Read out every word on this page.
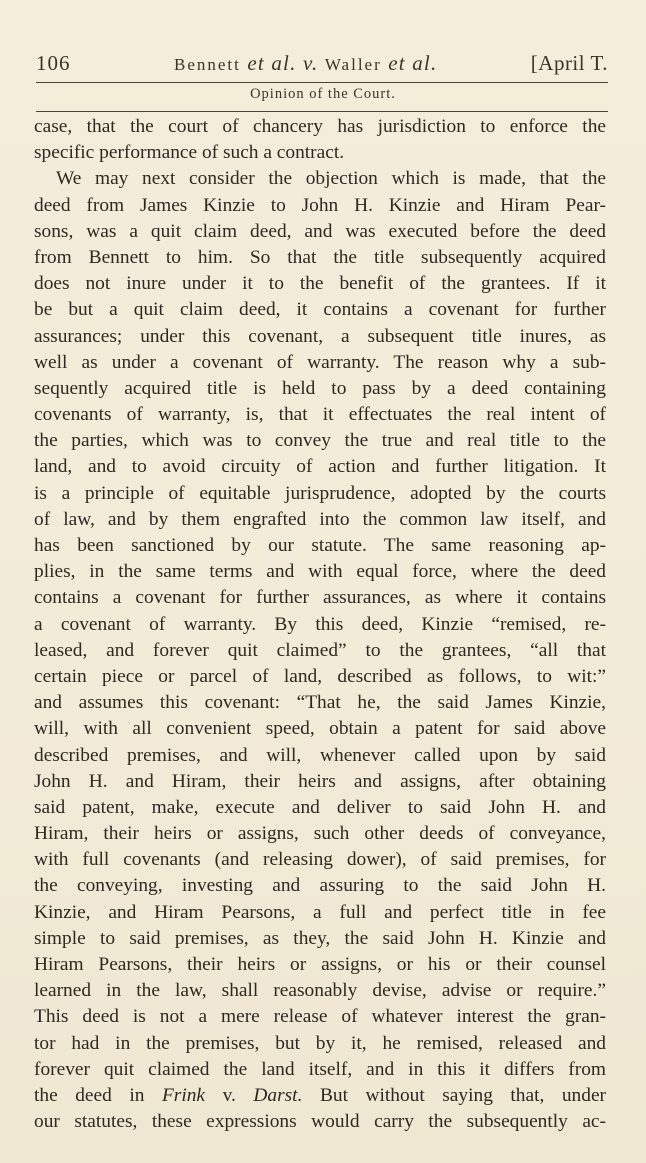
106	Bennett et al. v. Waller et al.	[April T.
Opinion of the Court.
case, that the court of chancery has jurisdiction to enforce the
specific performance of such a contract.
We may next consider the objection which is made, that the
deed from James Kinzie to John H. Kinzie and Hiram Pear-
sons, was a quit claim deed, and was executed before the deed
from Bennett to him. So that the title subsequently acquired
does not inure under it to the benefit of the grantees. If it
be but a quit claim deed, it contains a covenant for further
assurances; under this covenant, a subsequent title inures, as
well as under a covenant of warranty. The reason why a sub-
sequently acquired title is held to pass by a deed containing
covenants of warranty, is, that it effectuates the real intent of
the parties, which was to convey the true and real title to the
land, and to avoid circuity of action and further litigation. It
is a principle of equitable jurisprudence, adopted by the courts
of law, and by them engrafted into the common law itself, and
has been sanctioned by our statute. The same reasoning ap-
plies, in the same terms and with equal force, where the deed
contains a covenant for further assurances, as where it contains
a covenant of warranty. By this deed, Kinzie “remised, re-
leased, and forever quit claimed” to the grantees, “all that
certain piece or parcel of land, described as follows, to wit:”
and assumes this covenant: “That he, the said James Kinzie,
will, with all convenient speed, obtain a patent for said above
described premises, and will, whenever called upon by said
John H. and Hiram, their heirs and assigns, after obtaining
said patent, make, execute and deliver to said John H. and
Hiram, their heirs or assigns, such other deeds of conveyance,
with full covenants (and releasing dower), of said premises, for
the conveying, investing and assuring to the said John H.
Kinzie, and Hiram Pearsons, a full and perfect title in fee
simple to said premises, as they, the said John H. Kinzie and
Hiram Pearsons, their heirs or assigns, or his or their counsel
learned in the law, shall reasonably devise, advise or require.”
This deed is not a mere release of whatever interest the gran-
tor had in the premises, but by it, he remised, released and
forever quit claimed the land itself, and in this it differs from
the deed in Frink v. Darst. But without saying that, under
our statutes, these expressions would carry the subsequently ac-
